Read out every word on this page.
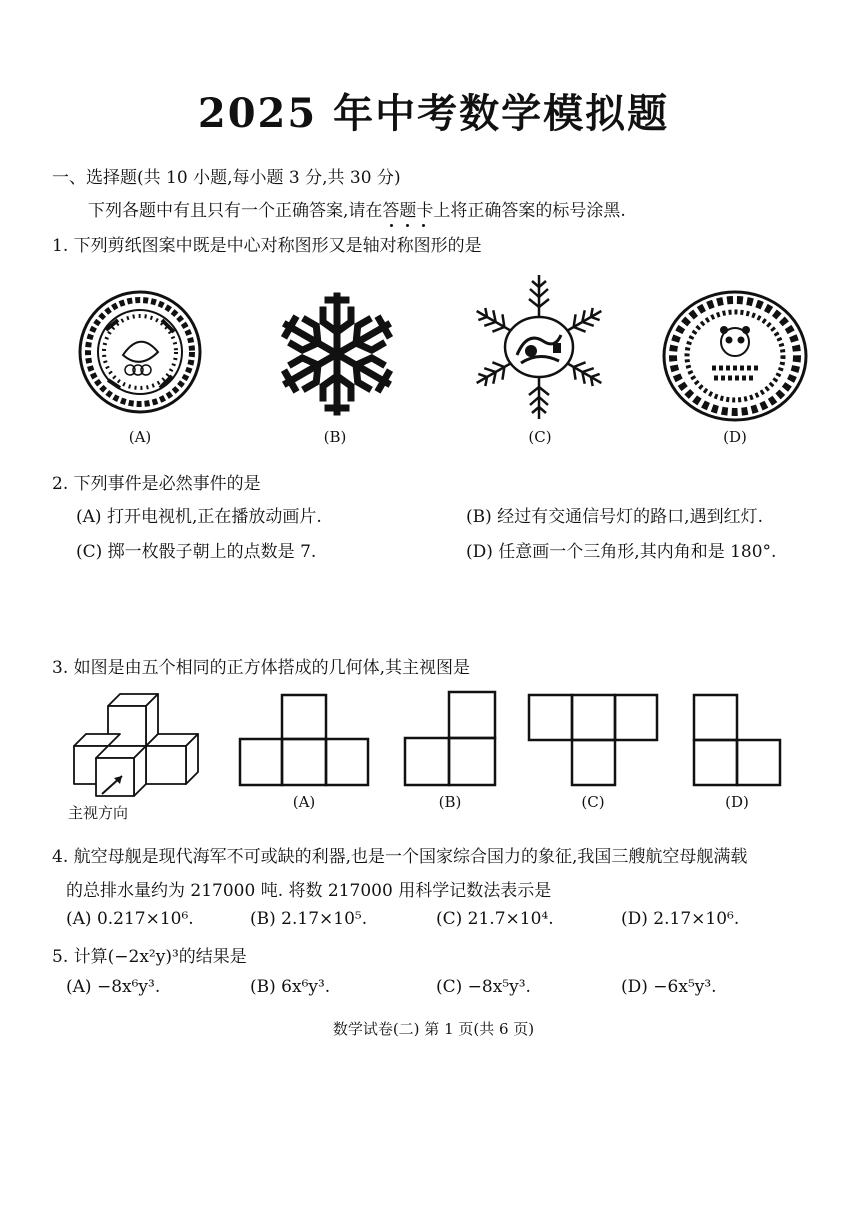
2025 年中考数学模拟题
一、选择题(共 10 小题,每小题 3 分,共 30 分)
下列各题中有且只有一个正确答案,请在答题卡上将正确答案的标号涂黑.
1. 下列剪纸图案中既是中心对称图形又是轴对称图形的是
(A)	(B)	(C)	(D)
2. 下列事件是必然事件的是
(A) 打开电视机,正在播放动画片.	(B) 经过有交通信号灯的路口,遇到红灯.
(C) 掷一枚骰子朝上的点数是 7.	(D) 任意画一个三角形,其内角和是 180°.
3. 如图是由五个相同的正方体搭成的几何体,其主视图是
主视方向
(A)	(B)	(C)	(D)
4. 航空母舰是现代海军不可或缺的利器,也是一个国家综合国力的象征,我国三艘航空母舰满载
的总排水量约为 217000 吨. 将数 217000 用科学记数法表示是
(A) 0.217×10⁶.	(B) 2.17×10⁵.	(C) 21.7×10⁴.	(D) 2.17×10⁶.
5. 计算(−2x²y)³的结果是
(A) −8x⁶y³.	(B) 6x⁶y³.	(C) −8x⁵y³.	(D) −6x⁵y³.
数学试卷(二) 第 1 页(共 6 页)
